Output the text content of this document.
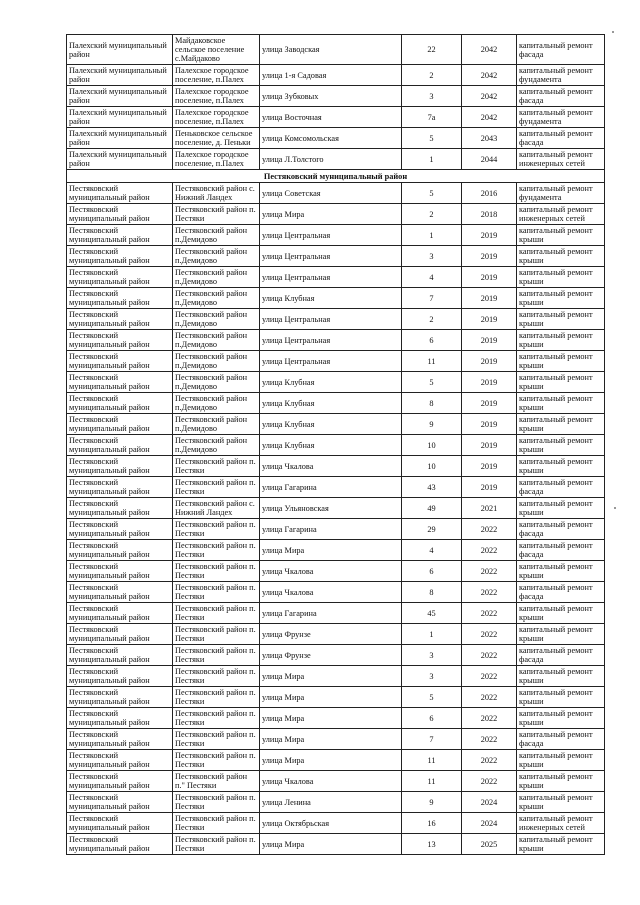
Палехский муниципальный район	Майдаковское сельское поселение с.Майдаково	улица Заводская	22	2042	капитальный ремонт фасада
Палехский муниципальный район	Палехское городское поселение, п.Палех	улица 1-я Садовая	2	2042	капитальный ремонт фундамента
Палехский муниципальный район	Палехское городское поселение, п.Палех	улица Зубковых	3	2042	капитальный ремонт фасада
Палехский муниципальный район	Палехское городское поселение, п.Палех	улица Восточная	7а	2042	капитальный ремонт фундамента
Палехский муниципальный район	Пеньковское сельское поселение, д. Пеньки	улица Комсомольская	5	2043	капитальный ремонт фасада
Палехский муниципальный район	Палехское городское поселение, п.Палех	улица Л.Толстого	1	2044	капитальный ремонт инженерных сетей
Пестяковский муниципальный район					
Пестяковский муниципальный район	Пестяковский район с. Нижний Ландех	улица Советская	5	2016	капитальный ремонт фундамента
Пестяковский муниципальный район	Пестяковский район п. Пестяки	улица Мира	2	2018	капитальный ремонт инженерных сетей
Пестяковский муниципальный район	Пестяковский район п.Демидово	улица Центральная	1	2019	капитальный ремонт крыши
Пестяковский муниципальный район	Пестяковский район п.Демидово	улица Центральная	3	2019	капитальный ремонт крыши
Пестяковский муниципальный район	Пестяковский район п.Демидово	улица Центральная	4	2019	капитальный ремонт крыши
Пестяковский муниципальный район	Пестяковский район п.Демидово	улица Клубная	7	2019	капитальный ремонт крыши
Пестяковский муниципальный район	Пестяковский район п.Демидово	улица Центральная	2	2019	капитальный ремонт крыши
Пестяковский муниципальный район	Пестяковский район п.Демидово	улица Центральная	6	2019	капитальный ремонт крыши
Пестяковский муниципальный район	Пестяковский район п.Демидово	улица Центральная	11	2019	капитальный ремонт крыши
Пестяковский муниципальный район	Пестяковский район п.Демидово	улица Клубная	5	2019	капитальный ремонт крыши
Пестяковский муниципальный район	Пестяковский район п.Демидово	улица Клубная	8	2019	капитальный ремонт крыши
Пестяковский муниципальный район	Пестяковский район п.Демидово	улица Клубная	9	2019	капитальный ремонт крыши
Пестяковский муниципальный район	Пестяковский район п.Демидово	улица Клубная	10	2019	капитальный ремонт крыши
Пестяковский муниципальный район	Пестяковский район п. Пестяки	улица Чкалова	10	2019	капитальный ремонт крыши
Пестяковский муниципальный район	Пестяковский район п. Пестяки	улица Гагарина	43	2019	капитальный ремонт фасада
Пестяковский муниципальный район	Пестяковский район с. Нижний Ландех	улица Ульяновская	49	2021	капитальный ремонт крыши
Пестяковский муниципальный район	Пестяковский район п. Пестяки	улица Гагарина	29	2022	капитальный ремонт фасада
Пестяковский муниципальный район	Пестяковский район п. Пестяки	улица Мира	4	2022	капитальный ремонт фасада
Пестяковский муниципальный район	Пестяковский район п. Пестяки	улица Чкалова	6	2022	капитальный ремонт крыши
Пестяковский муниципальный район	Пестяковский район п. Пестяки	улица Чкалова	8	2022	капитальный ремонт фасада
Пестяковский муниципальный район	Пестяковский район п. Пестяки	улица Гагарина	45	2022	капитальный ремонт крыши
Пестяковский муниципальный район	Пестяковский район п. Пестяки	улица Фрунзе	1	2022	капитальный ремонт крыши
Пестяковский муниципальный район	Пестяковский район п. Пестяки	улица Фрунзе	3	2022	капитальный ремонт фасада
Пестяковский муниципальный район	Пестяковский район п. Пестяки	улица Мира	3	2022	капитальный ремонт крыши
Пестяковский муниципальный район	Пестяковский район п. Пестяки	улица Мира	5	2022	капитальный ремонт крыши
Пестяковский муниципальный район	Пестяковский район п. Пестяки	улица Мира	6	2022	капитальный ремонт крыши
Пестяковский муниципальный район	Пестяковский район п. Пестяки	улица Мира	7	2022	капитальный ремонт фасада
Пестяковский муниципальный район	Пестяковский район п. Пестяки	улица Мира	11	2022	капитальный ремонт крыши
Пестяковский муниципальный район	Пестяковский район п." Пестяки	улица Чкалова	11	2022	капитальный ремонт крыши
Пестяковский муниципальный район	Пестяковский район п. Пестяки	улица Ленина	9	2024	капитальный ремонт крыши
Пестяковский муниципальный район	Пестяковский район п. Пестяки	улица Октябрьская	16	2024	капитальный ремонт инженерных сетей
Пестяковский муниципальный район	Пестяковский район п. Пестяки	улица Мира	13	2025	капитальный ремонт крыши
